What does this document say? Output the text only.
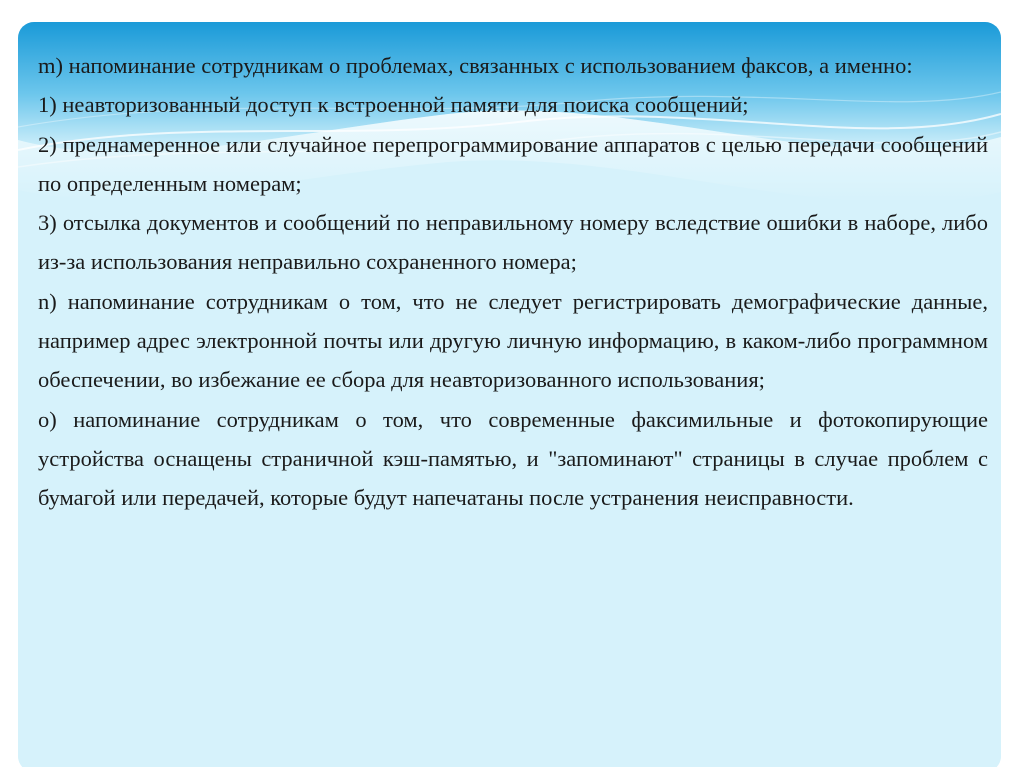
m) напоминание сотрудникам о проблемах, связанных с использованием факсов, а именно:

1) неавторизованный доступ к встроенной памяти для поиска сообщений;

2) преднамеренное или случайное перепрограммирование аппаратов с целью передачи сообщений по определенным номерам;

3) отсылка документов и сообщений по неправильному номеру вследствие ошибки в наборе, либо из-за использования неправильно сохраненного номера;

n) напоминание сотрудникам о том, что не следует регистрировать демографические данные, например адрес электронной почты или другую личную информацию, в каком-либо программном обеспечении, во избежание ее сбора для неавторизованного использования;

o) напоминание сотрудникам о том, что современные факсимильные и фотокопирующие устройства оснащены страничной кэш-памятью, и "запоминают" страницы в случае проблем с бумагой или передачей, которые будут напечатаны после устранения неисправности.
